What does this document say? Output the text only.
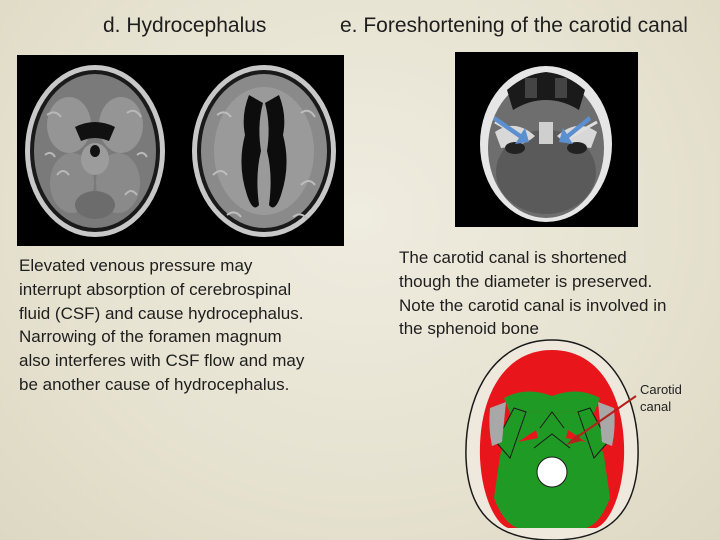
d. Hydrocephalus	e. Foreshortening of the carotid canal
Elevated venous pressure may
interrupt absorption of cerebrospinal
fluid (CSF) and cause hydrocephalus.
Narrowing of the foramen magnum
also interferes with CSF flow and may
be another cause of hydrocephalus.
The carotid canal is shortened
though the diameter is preserved.
Note the carotid canal is involved in
the sphenoid bone
Carotid
canal
